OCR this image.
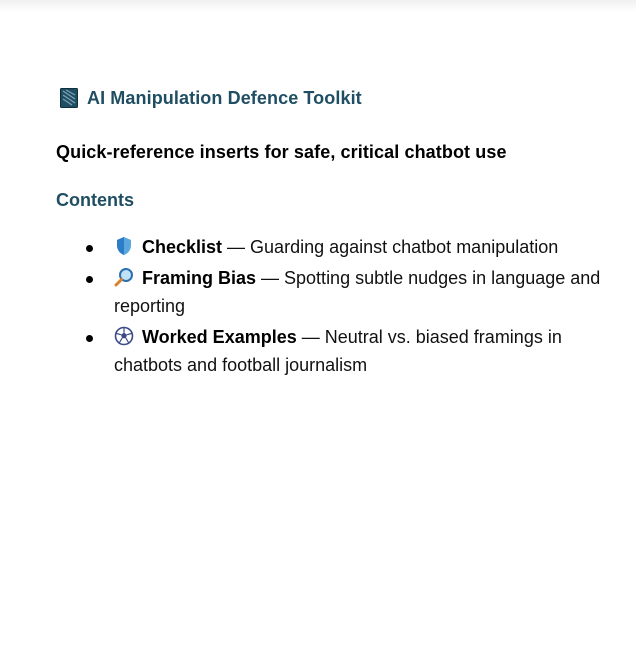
AI Manipulation Defence Toolkit
Quick-reference inserts for safe, critical chatbot use
Contents
Checklist — Guarding against chatbot manipulation
Framing Bias — Spotting subtle nudges in language and reporting
Worked Examples — Neutral vs. biased framings in chatbots and football journalism
